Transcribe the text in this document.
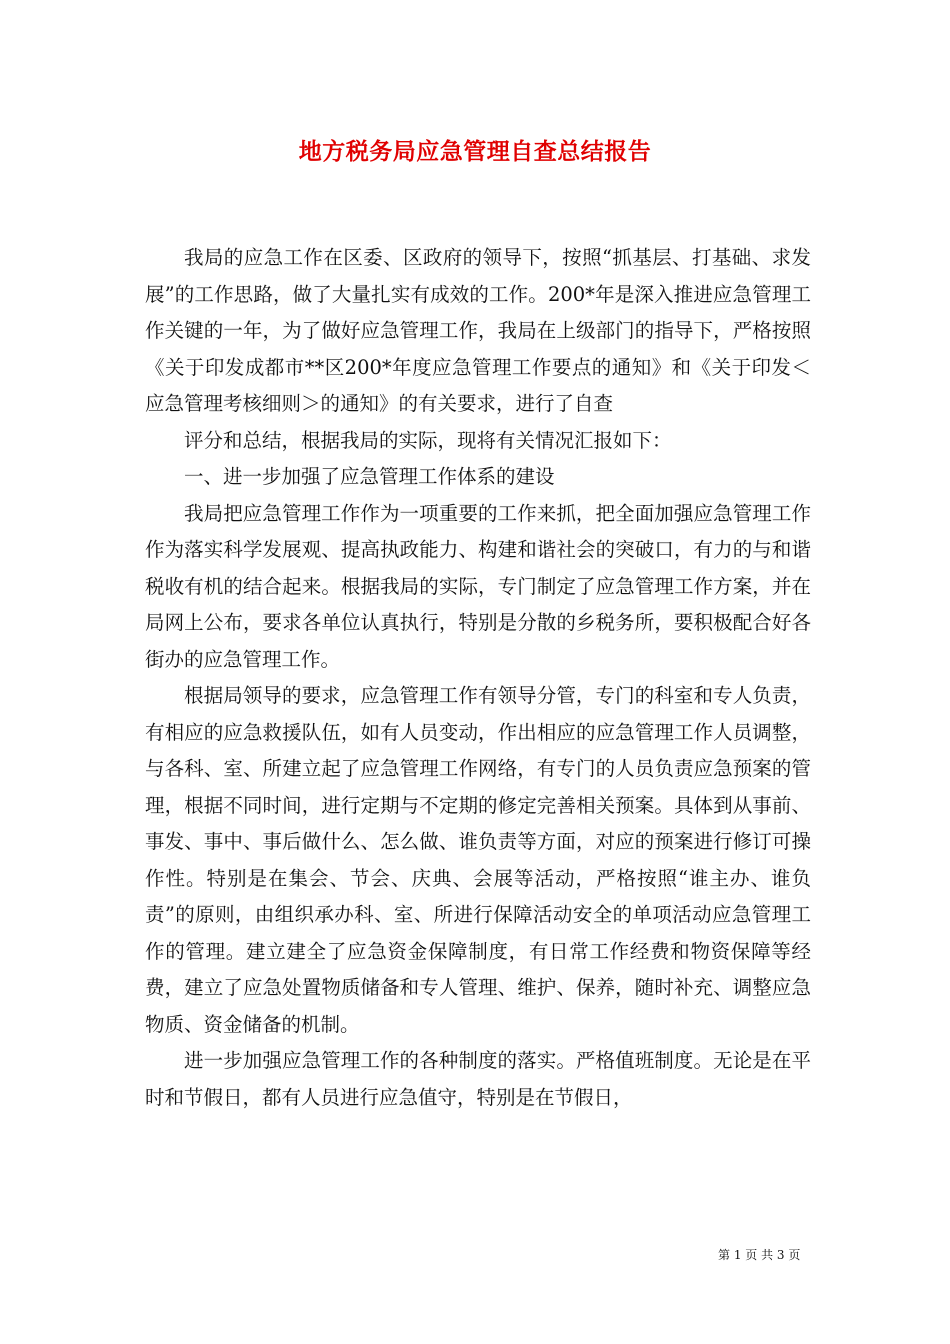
地方税务局应急管理自查总结报告

我局的应急工作在区委、区政府的领导下，按照“抓基层、打基础、求发展”的工作思路，做了大量扎实有成效的工作。200*年是深入推进应急管理工作关键的一年，为了做好应急管理工作，我局在上级部门的指导下，严格按照《关于印发成都市**区200*年度应急管理工作要点的通知》和《关于印发＜应急管理考核细则＞的通知》的有关要求，进行了自查

评分和总结，根据我局的实际，现将有关情况汇报如下：

一、进一步加强了应急管理工作体系的建设

我局把应急管理工作作为一项重要的工作来抓，把全面加强应急管理工作作为落实科学发展观、提高执政能力、构建和谐社会的突破口，有力的与和谐税收有机的结合起来。根据我局的实际，专门制定了应急管理工作方案，并在局网上公布，要求各单位认真执行，特别是分散的乡税务所，要积极配合好各街办的应急管理工作。

根据局领导的要求，应急管理工作有领导分管，专门的科室和专人负责，有相应的应急救援队伍，如有人员变动，作出相应的应急管理工作人员调整，与各科、室、所建立起了应急管理工作网络，有专门的人员负责应急预案的管理，根据不同时间，进行定期与不定期的修定完善相关预案。具体到从事前、事发、事中、事后做什么、怎么做、谁负责等方面，对应的预案进行修订可操作性。特别是在集会、节会、庆典、会展等活动，严格按照“谁主办、谁负责”的原则，由组织承办科、室、所进行保障活动安全的单项活动应急管理工作的管理。建立建全了应急资金保障制度，有日常工作经费和物资保障等经费，建立了应急处置物质储备和专人管理、维护、保养，随时补充、调整应急物质、资金储备的机制。

进一步加强应急管理工作的各种制度的落实。严格值班制度。无论是在平时和节假日，都有人员进行应急值守，特别是在节假日，

第 1 页 共 3 页
